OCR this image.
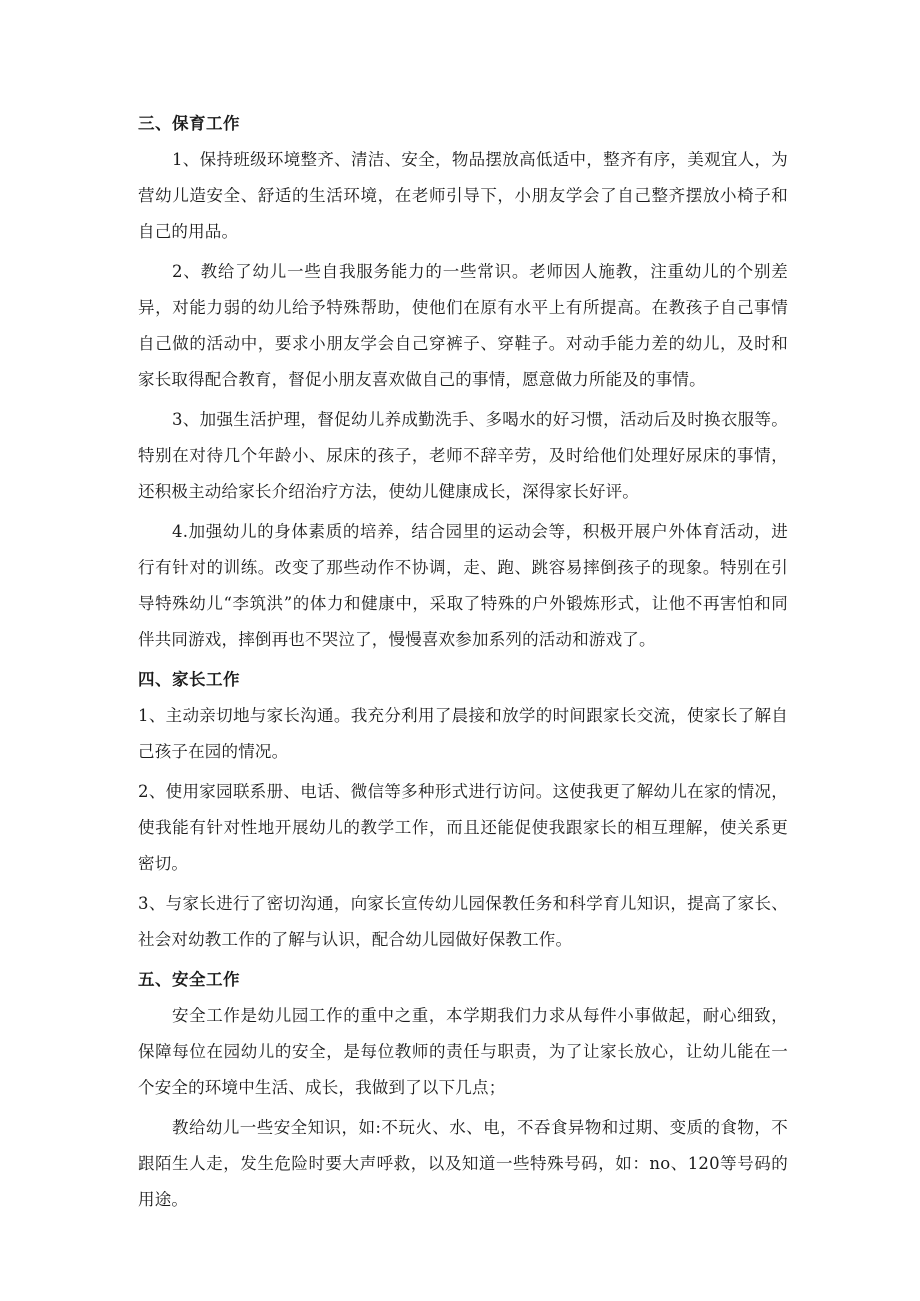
三、保育工作

1、保持班级环境整齐、清洁、安全，物品摆放高低适中，整齐有序，美观宜人，为营幼儿造安全、舒适的生活环境，在老师引导下，小朋友学会了自己整齐摆放小椅子和自己的用品。

2、教给了幼儿一些自我服务能力的一些常识。老师因人施教，注重幼儿的个别差异，对能力弱的幼儿给予特殊帮助，使他们在原有水平上有所提高。在教孩子自己事情自己做的活动中，要求小朋友学会自己穿裤子、穿鞋子。对动手能力差的幼儿，及时和家长取得配合教育，督促小朋友喜欢做自己的事情，愿意做力所能及的事情。

3、加强生活护理，督促幼儿养成勤洗手、多喝水的好习惯，活动后及时换衣服等。特别在对待几个年龄小、尿床的孩子，老师不辞辛劳，及时给他们处理好尿床的事情，还积极主动给家长介绍治疗方法，使幼儿健康成长，深得家长好评。

4.加强幼儿的身体素质的培养，结合园里的运动会等，积极开展户外体育活动，进行有针对的训练。改变了那些动作不协调，走、跑、跳容易摔倒孩子的现象。特别在引导特殊幼儿“李筑洪”的体力和健康中，采取了特殊的户外锻炼形式，让他不再害怕和同伴共同游戏，摔倒再也不哭泣了，慢慢喜欢参加系列的活动和游戏了。

四、家长工作

1、主动亲切地与家长沟通。我充分利用了晨接和放学的时间跟家长交流，使家长了解自己孩子在园的情况。

2、使用家园联系册、电话、微信等多种形式进行访问。这使我更了解幼儿在家的情况，使我能有针对性地开展幼儿的教学工作，而且还能促使我跟家长的相互理解，使关系更密切。

3、与家长进行了密切沟通，向家长宣传幼儿园保教任务和科学育儿知识，提高了家长、社会对幼教工作的了解与认识，配合幼儿园做好保教工作。

五、安全工作

安全工作是幼儿园工作的重中之重，本学期我们力求从每件小事做起，耐心细致，保障每位在园幼儿的安全，是每位教师的责任与职责，为了让家长放心，让幼儿能在一个安全的环境中生活、成长，我做到了以下几点；

教给幼儿一些安全知识，如:不玩火、水、电，不吞食异物和过期、变质的食物，不跟陌生人走，发生危险时要大声呼救，以及知道一些特殊号码，如：no、120等号码的用途。
